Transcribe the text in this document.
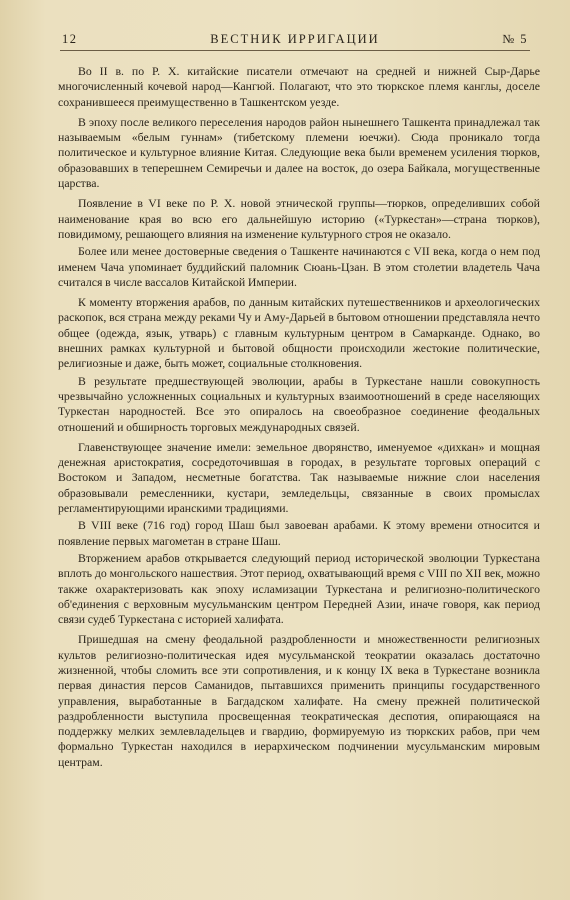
12	ВЕСТНИК ИРРИГАЦИИ	№ 5

Во II в. по Р. Х. китайские писатели отмечают на средней и нижней Сыр-Дарье многочисленный кочевой народ—Кангюй. Полагают, что это тюркское племя канглы, доселе сохранившееся преимущественно в Ташкентском уезде.

В эпоху после великого переселения народов район нынешнего Ташкента принадлежал так называемым «белым гуннам» (тибетскому племени юечжи). Сюда проникало тогда политическое и культурное влияние Китая. Следующие века были временем усиления тюрков, образовавших в теперешнем Семиречьи и далее на восток, до озера Байкала, могущественные царства.

Появление в VI веке по Р. Х. новой этнической группы—тюрков, определивших собой наименование края во всю его дальнейшую историю («Туркестан»—страна тюрков), повидимому, решающего влияния на изменение культурного строя не оказало.

Более или менее достоверные сведения о Ташкенте начинаются с VII века, когда о нем под именем Чача упоминает буддийский паломник Сюань-Цзан. В этом столетии владетель Чача считался в числе вассалов Китайской Империи.

К моменту вторжения арабов, по данным китайских путешественников и археологических раскопок, вся страна между реками Чу и Аму-Дарьей в бытовом отношении представляла нечто общее (одежда, язык, утварь) с главным культурным центром в Самарканде. Однако, во внешних рамках культурной и бытовой общности происходили жестокие политические, религиозные и даже, быть может, социальные столкновения.

В результате предшествующей эволюции, арабы в Туркестане нашли совокупность чрезвычайно усложненных социальных и культурных взаимоотношений в среде населяющих Туркестан народностей. Все это опиралось на своеобразное соединение феодальных отношений и обширность торговых международных связей.

Главенствующее значение имели: земельное дворянство, именуемое «дихкан» и мощная денежная аристократия, сосредоточившая в городах, в результате торговых операций с Востоком и Западом, несметные богатства. Так называемые нижние слои населения образовывали ремесленники, кустари, земледельцы, связанные в своих промыслах регламентирующими иранскими традициями.

В VIII веке (716 год) город Шаш был завоеван арабами. К этому времени относится и появление первых магометан в стране Шаш.

Вторжением арабов открывается следующий период исторической эволюции Туркестана вплоть до монгольского нашествия. Этот период, охватывающий время с VIII по XII век, можно также охарактеризовать как эпоху исламизации Туркестана и религиозно-политического об'единения с верховным мусульманским центром Передней Азии, иначе говоря, как период связи судеб Туркестана с историей халифата.

Пришедшая на смену феодальной раздробленности и множественности религиозных культов религиозно-политическая идея мусульманской теократии оказалась достаточно жизненной, чтобы сломить все эти сопротивления, и к концу IX века в Туркестане возникла первая династия персов Саманидов, пытавшихся применить принципы государственного управления, выработанные в Багдадском халифате. На смену прежней политической раздробленности выступила просвещенная теократическая деспотия, опирающаяся на поддержку мелких землевладельцев и гвардию, формируемую из тюркских рабов, при чем формально Туркестан находился в иерархическом подчинении мусульманским мировым центрам.
